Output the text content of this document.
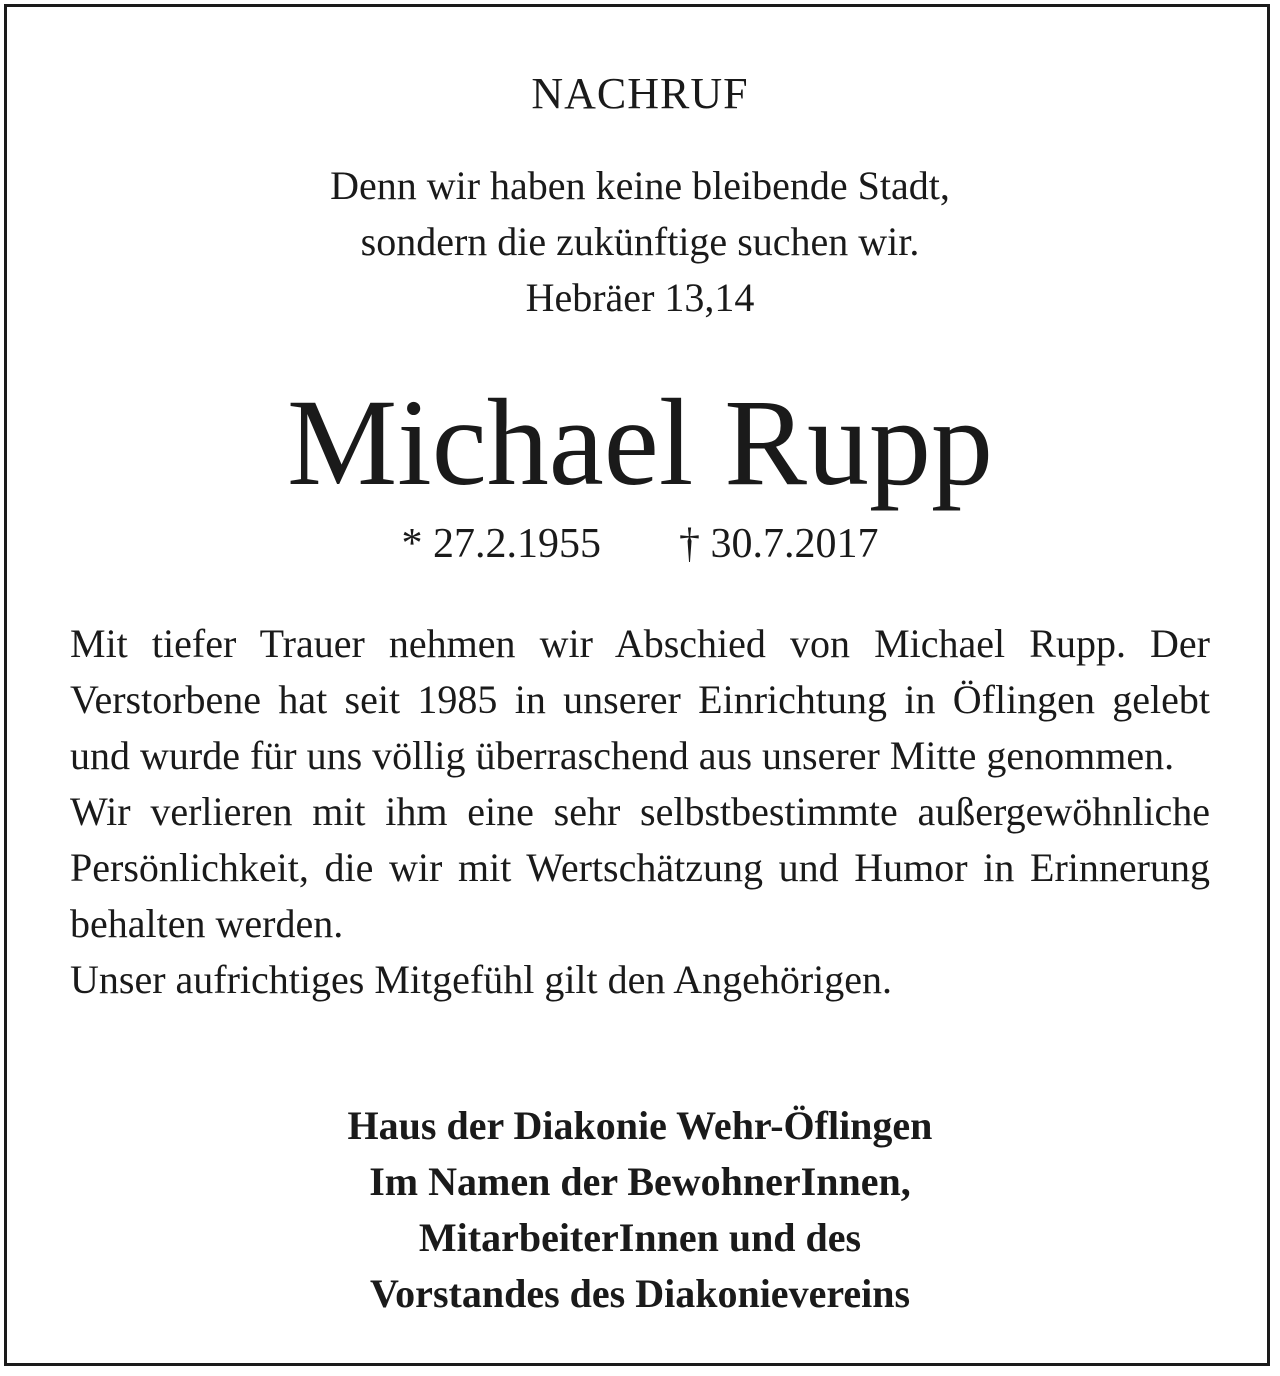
NACHRUF
Denn wir haben keine bleibende Stadt,
sondern die zukünftige suchen wir.
Hebräer 13,14
Michael Rupp
* 27.2.1955 † 30.7.2017

Mit tiefer Trauer nehmen wir Abschied von Michael Rupp. Der Verstorbene hat seit 1985 in unserer Einrichtung in Öflingen gelebt und wurde für uns völlig überraschend aus unserer Mitte genommen.

Wir verlieren mit ihm eine sehr selbstbestimmte außergewöhnliche Persönlichkeit, die wir mit Wertschätzung und Humor in Erinnerung behalten werden.

Unser aufrichtiges Mitgefühl gilt den Angehörigen.

Haus der Diakonie Wehr-Öflingen
Im Namen der BewohnerInnen,
MitarbeiterInnen und des
Vorstandes des Diakonievereins
